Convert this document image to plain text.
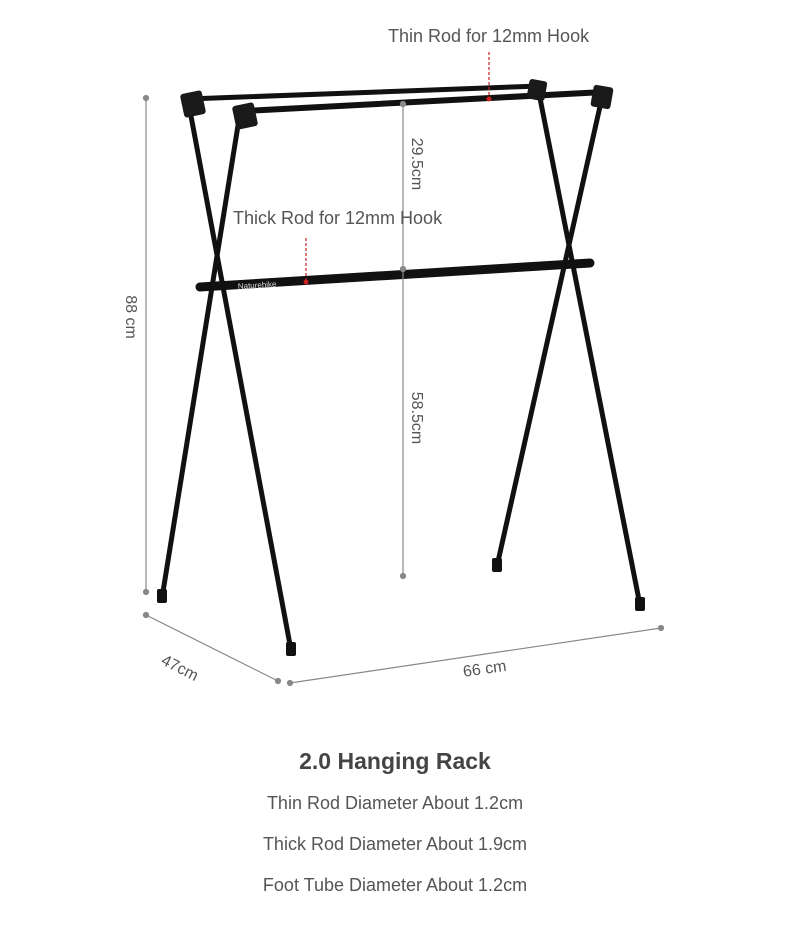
Naturehike
Thin Rod for 12mm Hook
Thick Rod for 12mm Hook
88 cm
29.5cm
58.5cm
47cm	66 cm
2.0 Hanging Rack
Thin Rod Diameter About 1.2cm
Thick Rod Diameter About 1.9cm
Foot Tube Diameter About 1.2cm
